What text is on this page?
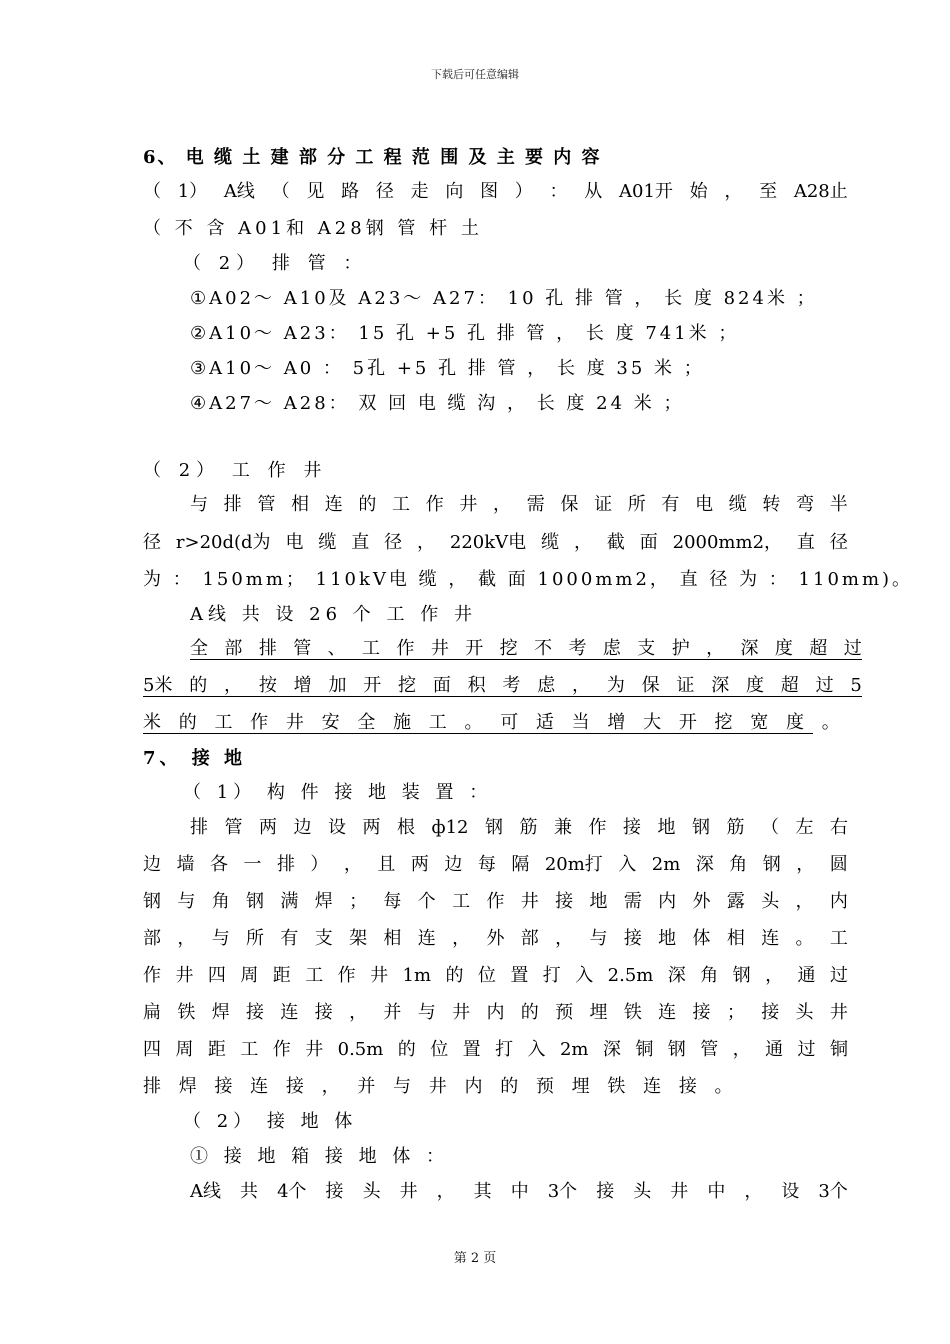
下载后可任意编辑
6、 电 缆 土 建 部 分 工 程 范 围 及 主 要 内 容
（ 1） A线 （ 见 路 径 走 向 图 ） ： 从 A01开 始 ， 至 A28止
（ 不 含 A01和 A28钢 管 杆 土
（ 2） 排 管 ：
①A02～ A10及 A23～ A27： 10 孔 排 管 ， 长 度 824米 ；
②A10～ A23： 15 孔 +5 孔 排 管 ， 长 度 741米 ；
③A10～ A0 ： 5孔 +5 孔 排 管 ， 长 度 35 米 ；
④A27～ A28： 双 回 电 缆 沟 ， 长 度 24 米 ；
（ 2） 工 作 井
与 排 管 相 连 的 工 作 井 ， 需 保 证 所 有 电 缆 转 弯 半
径 r>20d(d为 电 缆 直 径 ， 220kV电 缆 ， 截 面 2000mm2， 直 径
为 ： 150mm； 110kV电 缆 ， 截 面 1000mm2， 直 径 为 ： 110mm)。
A线 共 设 26 个 工 作 井
全 部 排 管 、 工 作 井 开 挖 不 考 虑 支 护 ， 深 度 超 过
5米 的 ， 按 增 加 开 挖 面 积 考 虑 ， 为 保 证 深 度 超 过 5
米 的 工 作 井 安 全 施 工 。 可 适 当 增 大 开 挖 宽 度 。
7、 接 地
（ 1） 构 件 接 地 装 置 ：
排 管 两 边 设 两 根 ф12 钢 筋 兼 作 接 地 钢 筋 （ 左 右
边 墙 各 一 排 ） ， 且 两 边 每 隔 20m打 入 2m 深 角 钢 ， 圆
钢 与 角 钢 满 焊 ； 每 个 工 作 井 接 地 需 内 外 露 头 ， 内
部 ， 与 所 有 支 架 相 连 ， 外 部 ， 与 接 地 体 相 连 。 工
作 井 四 周 距 工 作 井 1m 的 位 置 打 入 2.5m 深 角 钢 ， 通 过
扁 铁 焊 接 连 接 ， 并 与 井 内 的 预 埋 铁 连 接 ； 接 头 井
四 周 距 工 作 井 0.5m 的 位 置 打 入 2m 深 铜 钢 管 ， 通 过 铜
排 焊 接 连 接 ， 并 与 井 内 的 预 埋 铁 连 接 。
（ 2） 接 地 体
① 接 地 箱 接 地 体 ：
A线 共 4个 接 头 井 ， 其 中 3个 接 头 井 中 ， 设 3个
第 2 页
